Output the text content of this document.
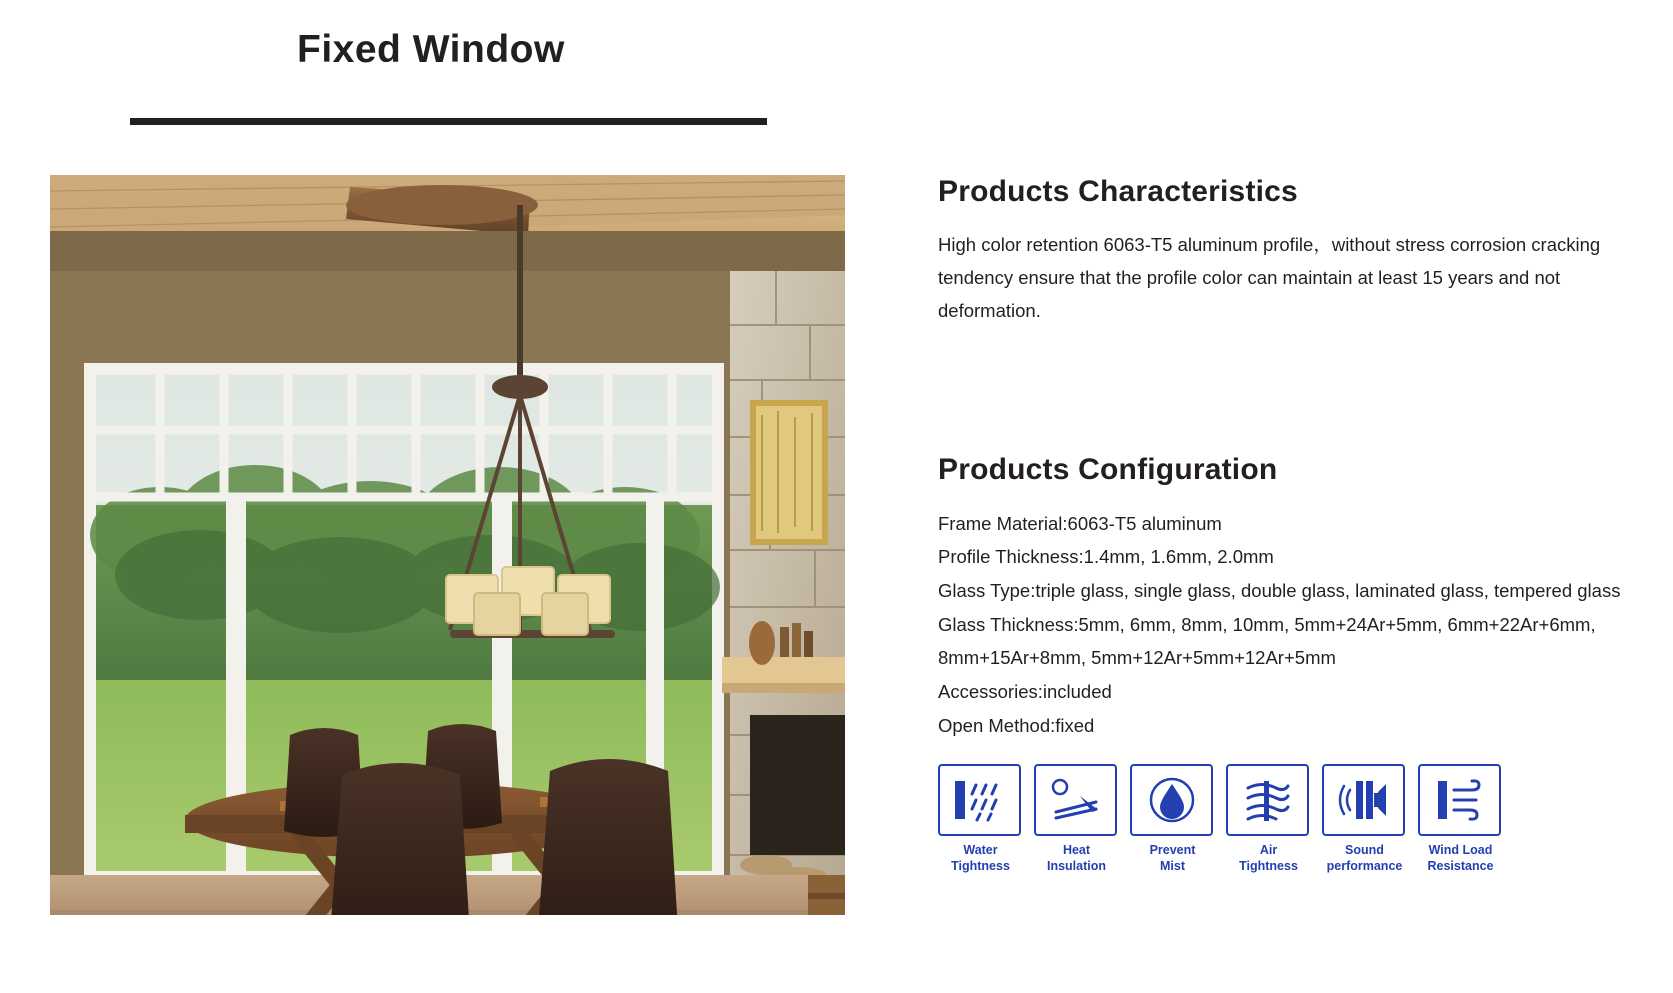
Fixed Window
Products Characteristics

High color retention 6063-T5 aluminum profile，without stress corrosion cracking tendency ensure that the profile color can maintain at least 15 years and not deformation.

Products Configuration
Frame Material:6063-T5 aluminum
Profile Thickness:1.4mm, 1.6mm, 2.0mm
Glass Type:triple glass, single glass, double glass, laminated glass, tempered glass
Glass Thickness:5mm, 6mm, 8mm, 10mm, 5mm+24Ar+5mm, 6mm+22Ar+6mm, 8mm+15Ar+8mm, 5mm+12Ar+5mm+12Ar+5mm
Accessories:included
Open Method:fixed
Water
Tightness
Heat
Insulation
Prevent
Mist
Air
Tightness
Sound
performance
Wind Load
Resistance
